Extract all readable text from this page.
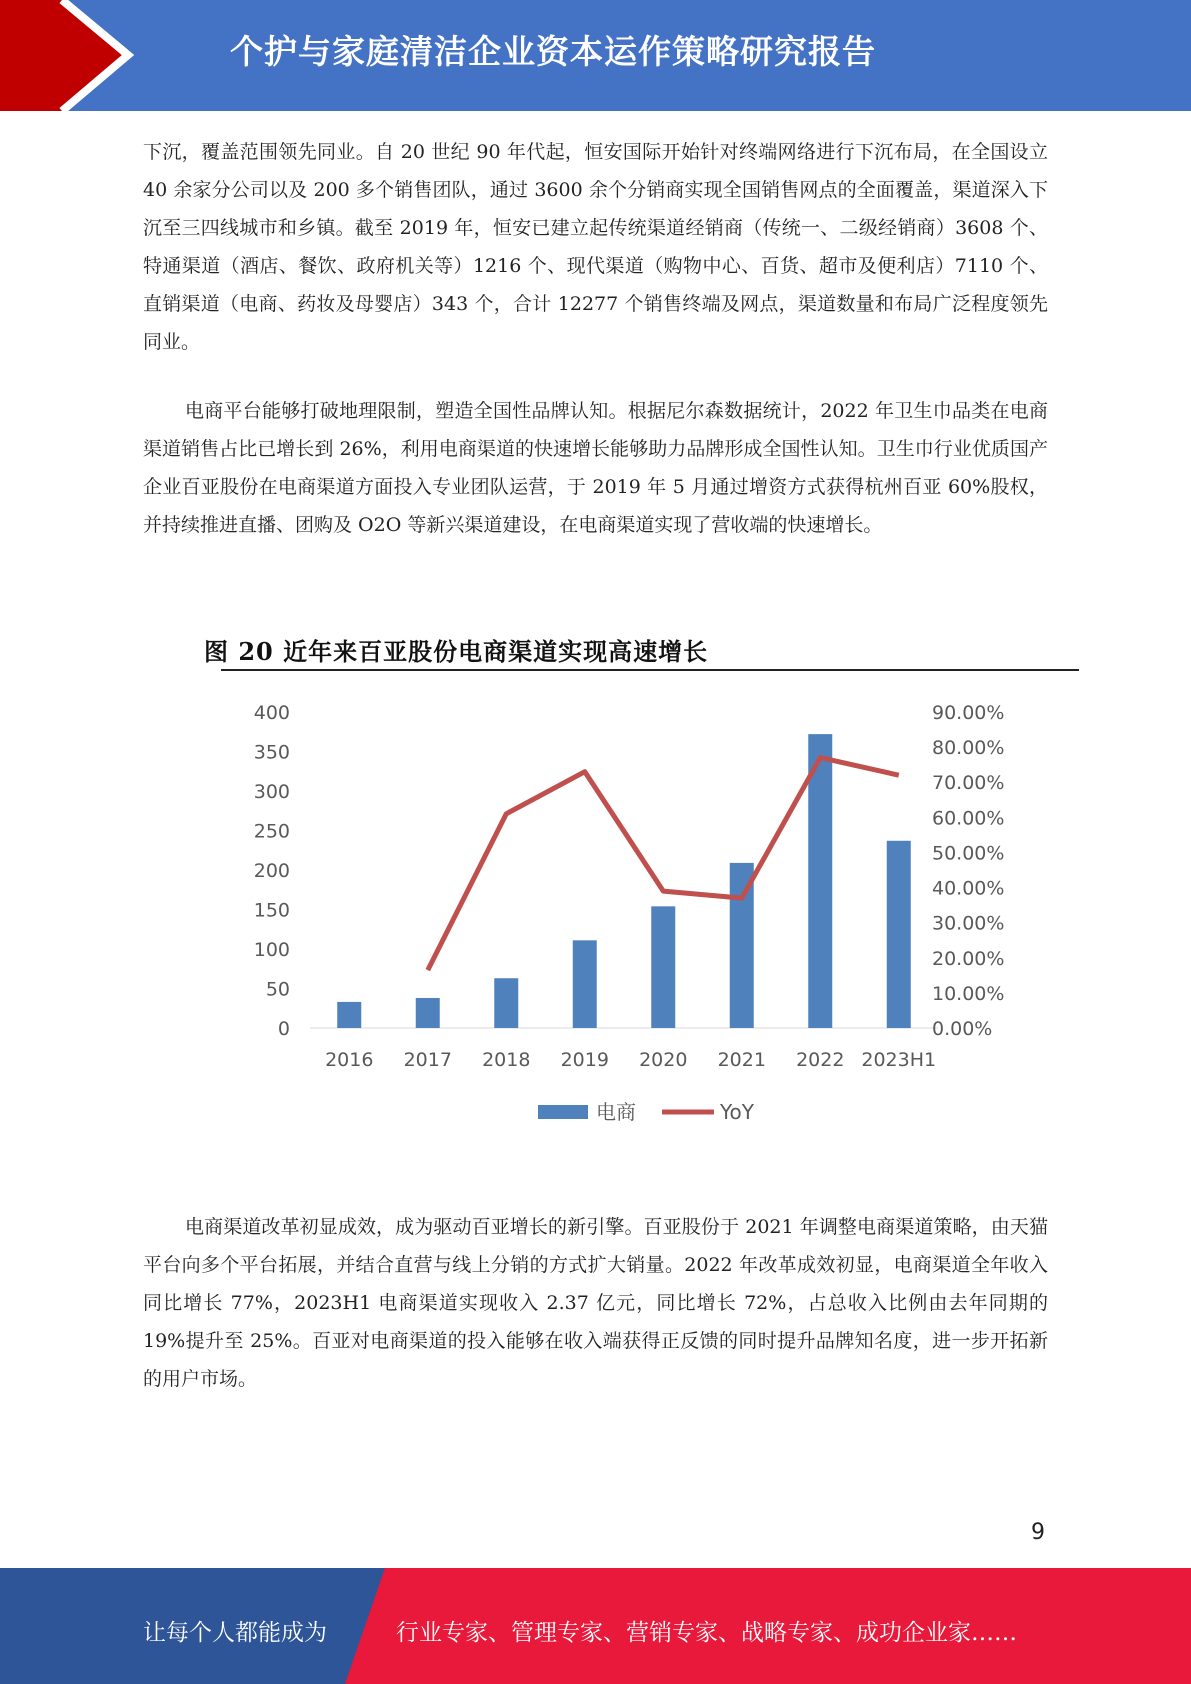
个护与家庭清洁企业资本运作策略研究报告

下沉，覆盖范围领先同业。自 20 世纪 90 年代起，恒安国际开始针对终端网络进行下沉布局，在全国设立 40 余家分公司以及 200 多个销售团队，通过 3600 余个分销商实现全国销售网点的全面覆盖，渠道深入下沉至三四线城市和乡镇。截至 2019 年，恒安已建立起传统渠道经销商（传统一、二级经销商）3608 个、特通渠道（酒店、餐饮、政府机关等）1216 个、现代渠道（购物中心、百货、超市及便利店）7110 个、直销渠道（电商、药妆及母婴店）343 个，合计 12277 个销售终端及网点，渠道数量和布局广泛程度领先同业。

电商平台能够打破地理限制，塑造全国性品牌认知。根据尼尔森数据统计，2022 年卫生巾品类在电商渠道销售占比已增长到 26%，利用电商渠道的快速增长能够助力品牌形成全国性认知。卫生巾行业优质国产企业百亚股份在电商渠道方面投入专业团队运营，于 2019 年 5 月通过增资方式获得杭州百亚 60%股权，并持续推进直播、团购及 O2O 等新兴渠道建设，在电商渠道实现了营收端的快速增长。

图 20 近年来百亚股份电商渠道实现高速增长
0
50
100
150
200
250
300
350
400
0.00%
10.00%
20.00%
30.00%
40.00%
50.00%
60.00%
70.00%
80.00%
90.00%
2016 2017 2018 2019 2020 2021 2022 2023H1
电商	YoY

电商渠道改革初显成效，成为驱动百亚增长的新引擎。百亚股份于 2021 年调整电商渠道策略，由天猫平台向多个平台拓展，并结合直营与线上分销的方式扩大销量。2022 年改革成效初显，电商渠道全年收入同比增长 77%，2023H1 电商渠道实现收入 2.37 亿元，同比增长 72%，占总收入比例由去年同期的 19%提升至 25%。百亚对电商渠道的投入能够在收入端获得正反馈的同时提升品牌知名度，进一步开拓新的用户市场。

9
让每个人都能成为	行业专家、管理专家、营销专家、战略专家、成功企业家……
